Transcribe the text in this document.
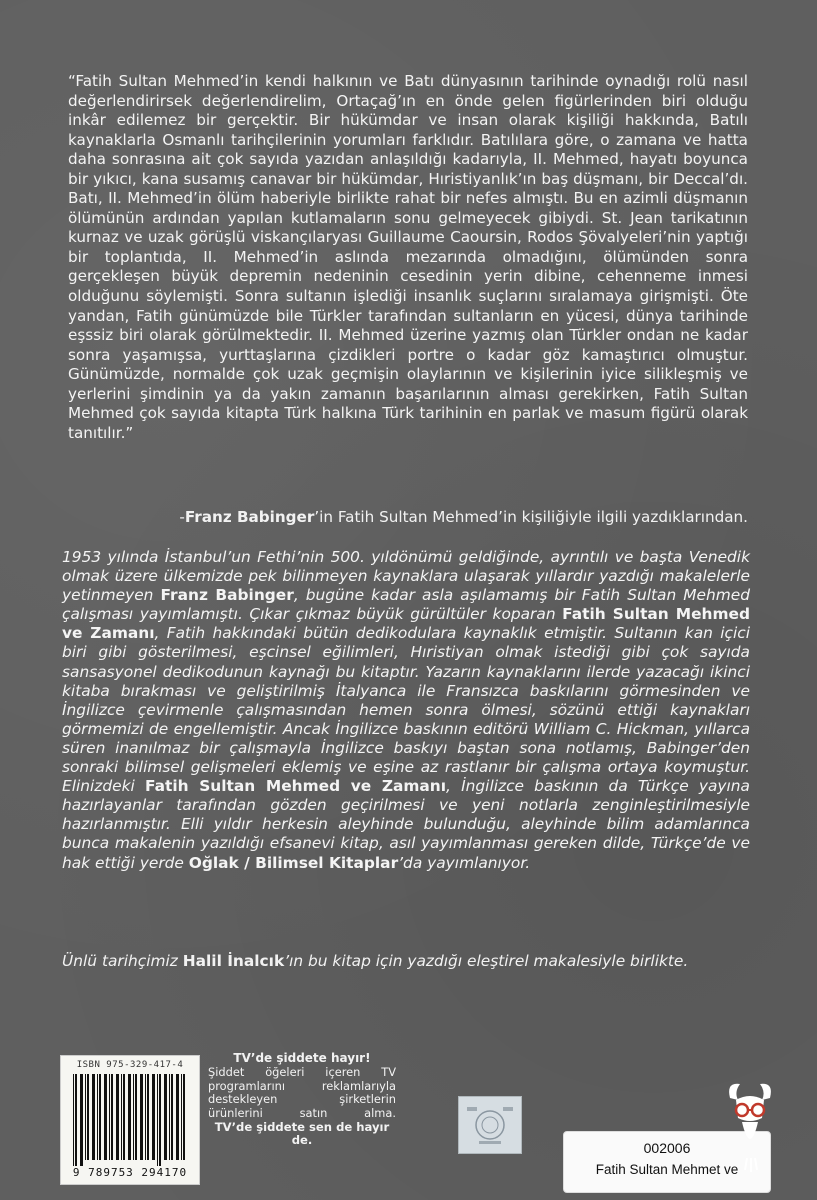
“Fatih Sultan Mehmed’in kendi halkının ve Batı dünyasının tarihinde oynadığı rolü nasıl değerlendirirsek değerlendirelim, Ortaçağ’ın en önde gelen figürlerinden biri olduğu inkâr edilemez bir gerçektir. Bir hükümdar ve insan olarak kişiliği hakkında, Batılı kaynaklarla Osmanlı tarihçilerinin yorumları farklıdır. Batılılara göre, o zamana ve hatta daha sonrasına ait çok sayıda yazıdan anlaşıldığı kadarıyla, II. Mehmed, hayatı boyunca bir yıkıcı, kana susamış canavar bir hükümdar, Hıristiyanlık’ın baş düşmanı, bir Deccal’dı. Batı, II. Mehmed’in ölüm haberiyle birlikte rahat bir nefes almıştı. Bu en azimli düşmanın ölümünün ardından yapılan kutlamaların sonu gelmeyecek gibiydi. St. Jean tarikatının kurnaz ve uzak görüşlü viskançılaryası Guillaume Caoursin, Rodos Şövalyeleri’nin yaptığı bir toplantıda, II. Mehmed’in aslında mezarında olmadığını, ölümünden sonra gerçekleşen büyük depremin nedeninin cesedinin yerin dibine, cehenneme inmesi olduğunu söylemişti. Sonra sultanın işlediği insanlık suçlarını sıralamaya girişmişti. Öte yandan, Fatih günümüzde bile Türkler tarafından sultanların en yücesi, dünya tarihinde eşssiz biri olarak görülmektedir. II. Mehmed üzerine yazmış olan Türkler ondan ne kadar sonra yaşamışsa, yurttaşlarına çizdikleri portre o kadar göz kamaştırıcı olmuştur. Günümüzde, normalde çok uzak geçmişin olaylarının ve kişilerinin iyice silikleşmiş ve yerlerini şimdinin ya da yakın zamanın başarılarının alması gerekirken, Fatih Sultan Mehmed çok sayıda kitapta Türk halkına Türk tarihinin en parlak ve masum figürü olarak tanıtılır.”

-Franz Babinger’in Fatih Sultan Mehmed’in kişiliğiyle ilgili yazdıklarından.

1953 yılında İstanbul’un Fethi’nin 500. yıldönümü geldiğinde, ayrıntılı ve başta Venedik olmak üzere ülkemizde pek bilinmeyen kaynaklara ulaşarak yıllardır yazdığı makalelerle yetinmeyen Franz Babinger, bugüne kadar asla aşılamamış bir Fatih Sultan Mehmed çalışması yayımlamıştı. Çıkar çıkmaz büyük gürültüler koparan Fatih Sultan Mehmed ve Zamanı, Fatih hakkındaki bütün dedikodulara kaynaklık etmiştir. Sultanın kan içici biri gibi gösterilmesi, eşcinsel eğilimleri, Hıristiyan olmak istediği gibi çok sayıda sansasyonel dedikodunun kaynağı bu kitaptır. Yazarın kaynaklarını ilerde yazacağı ikinci kitaba bırakması ve geliştirilmiş İtalyanca ile Fransızca baskılarını görmesinden ve İngilizce çevirmenle çalışmasından hemen sonra ölmesi, sözünü ettiği kaynakları görmemizi de engellemiştir. Ancak İngilizce baskının editörü William C. Hickman, yıllarca süren inanılmaz bir çalışmayla İngilizce baskıyı baştan sona notlamış, Babinger’den sonraki bilimsel gelişmeleri eklemiş ve eşine az rastlanır bir çalışma ortaya koymuştur. Elinizdeki Fatih Sultan Mehmed ve Zamanı, İngilizce baskının da Türkçe yayına hazırlayanlar tarafından gözden geçirilmesi ve yeni notlarla zenginleştirilmesiyle hazırlanmıştır. Elli yıldır herkesin aleyhinde bulunduğu, aleyhinde bilim adamlarınca bunca makalenin yazıldığı efsanevi kitap, asıl yayımlanması gereken dilde, Türkçe’de ve hak ettiği yerde Oğlak / Bilimsel Kitaplar’da yayımlanıyor.

Ünlü tarihçimiz Halil İnalcık’ın bu kitap için yazdığı eleştirel makalesiyle birlikte.

ISBN 975-329-417-4
9 789753 294170

TV’de şiddete hayır!

Şiddet öğeleri içeren TV
programlarını reklamlarıyla
destekleyen şirketlerin
ürünlerini satın alma.

TV’de şiddete sen de hayır de.	002006
Fatih Sultan Mehmet ve
